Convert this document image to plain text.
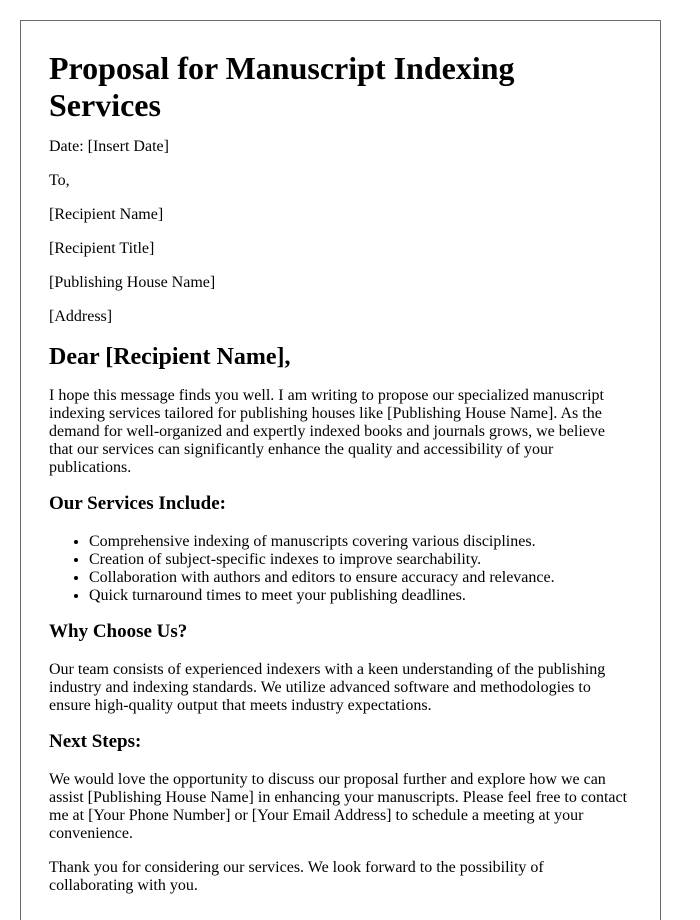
Proposal for Manuscript Indexing Services

Date: [Insert Date]

To,

[Recipient Name]

[Recipient Title]

[Publishing House Name]

[Address]

Dear [Recipient Name],

I hope this message finds you well. I am writing to propose our specialized manuscript indexing services tailored for publishing houses like [Publishing House Name]. As the demand for well-organized and expertly indexed books and journals grows, we believe that our services can significantly enhance the quality and accessibility of your publications.

Our Services Include:
• Comprehensive indexing of manuscripts covering various disciplines.
• Creation of subject-specific indexes to improve searchability.
• Collaboration with authors and editors to ensure accuracy and relevance.
• Quick turnaround times to meet your publishing deadlines.
Why Choose Us?

Our team consists of experienced indexers with a keen understanding of the publishing industry and indexing standards. We utilize advanced software and methodologies to ensure high-quality output that meets industry expectations.

Next Steps:

We would love the opportunity to discuss our proposal further and explore how we can assist [Publishing House Name] in enhancing your manuscripts. Please feel free to contact me at [Your Phone Number] or [Your Email Address] to schedule a meeting at your convenience.

Thank you for considering our services. We look forward to the possibility of collaborating with you.
